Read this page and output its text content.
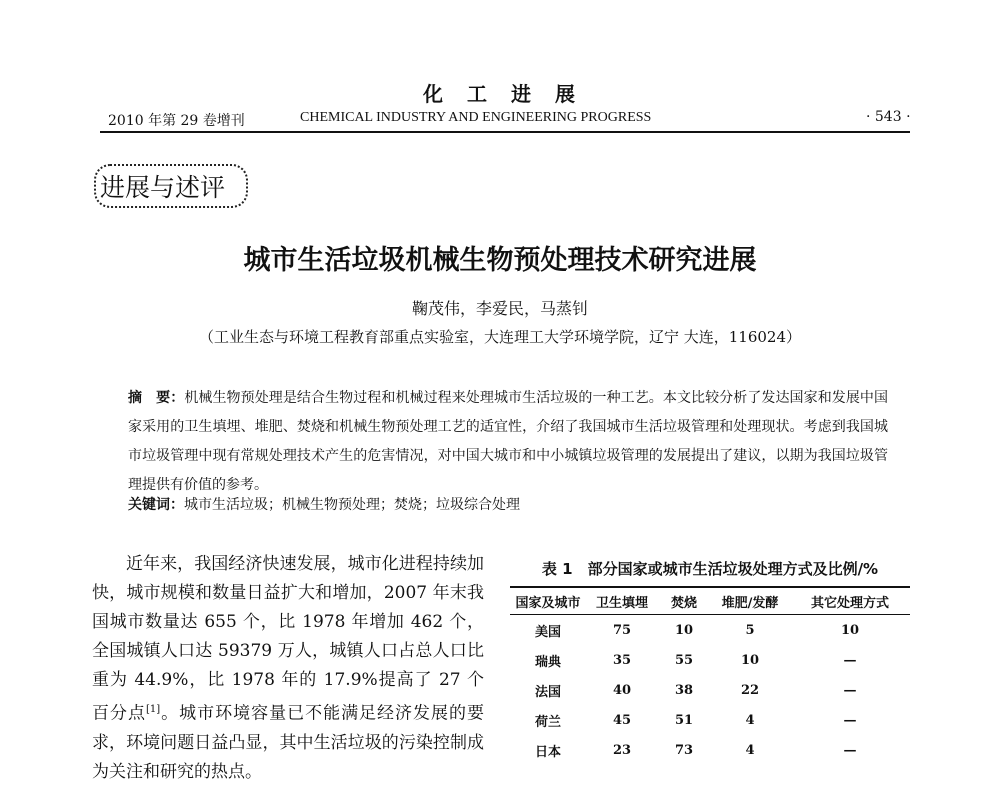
化　工　进　展
2010 年第 29 卷增刊	CHEMICAL INDUSTRY AND ENGINEERING PROGRESS	· 543 ·
进展与述评
城市生活垃圾机械生物预处理技术研究进展
鞠茂伟，李爱民，马蒸钊
（工业生态与环境工程教育部重点实验室，大连理工大学环境学院，辽宁 大连，116024）
摘　要：机械生物预处理是结合生物过程和机械过程来处理城市生活垃圾的一种工艺。本文比较分析了发达国家和发展中国家采用的卫生填埋、堆肥、焚烧和机械生物预处理工艺的适宜性，介绍了我国城市生活垃圾管理和处理现状。考虑到我国城市垃圾管理中现有常规处理技术产生的危害情况，对中国大城市和中小城镇垃圾管理的发展提出了建议，以期为我国垃圾管理提供有价值的参考。
关键词：城市生活垃圾；机械生物预处理；焚烧；垃圾综合处理
近年来，我国经济快速发展，城市化进程持续加快，城市规模和数量日益扩大和增加，2007 年末我国城市数量达 655 个，比 1978 年增加 462 个，全国城镇人口达 59379 万人，城镇人口占总人口比重为 44.9%，比 1978 年的 17.9%提高了 27 个百分点[1]。城市环境容量已不能满足经济发展的要求，环境问题日益凸显，其中生活垃圾的污染控制成为关注和研究的热点。
表 1　部分国家或城市生活垃圾处理方式及比例/%
国家及城市	卫生填埋	焚烧	堆肥/发酵	其它处理方式
美国	75	10	5	10
瑞典	35	55	10	—
法国	40	38	22	—
荷兰	45	51	4	—
日本	23	73	4	—
